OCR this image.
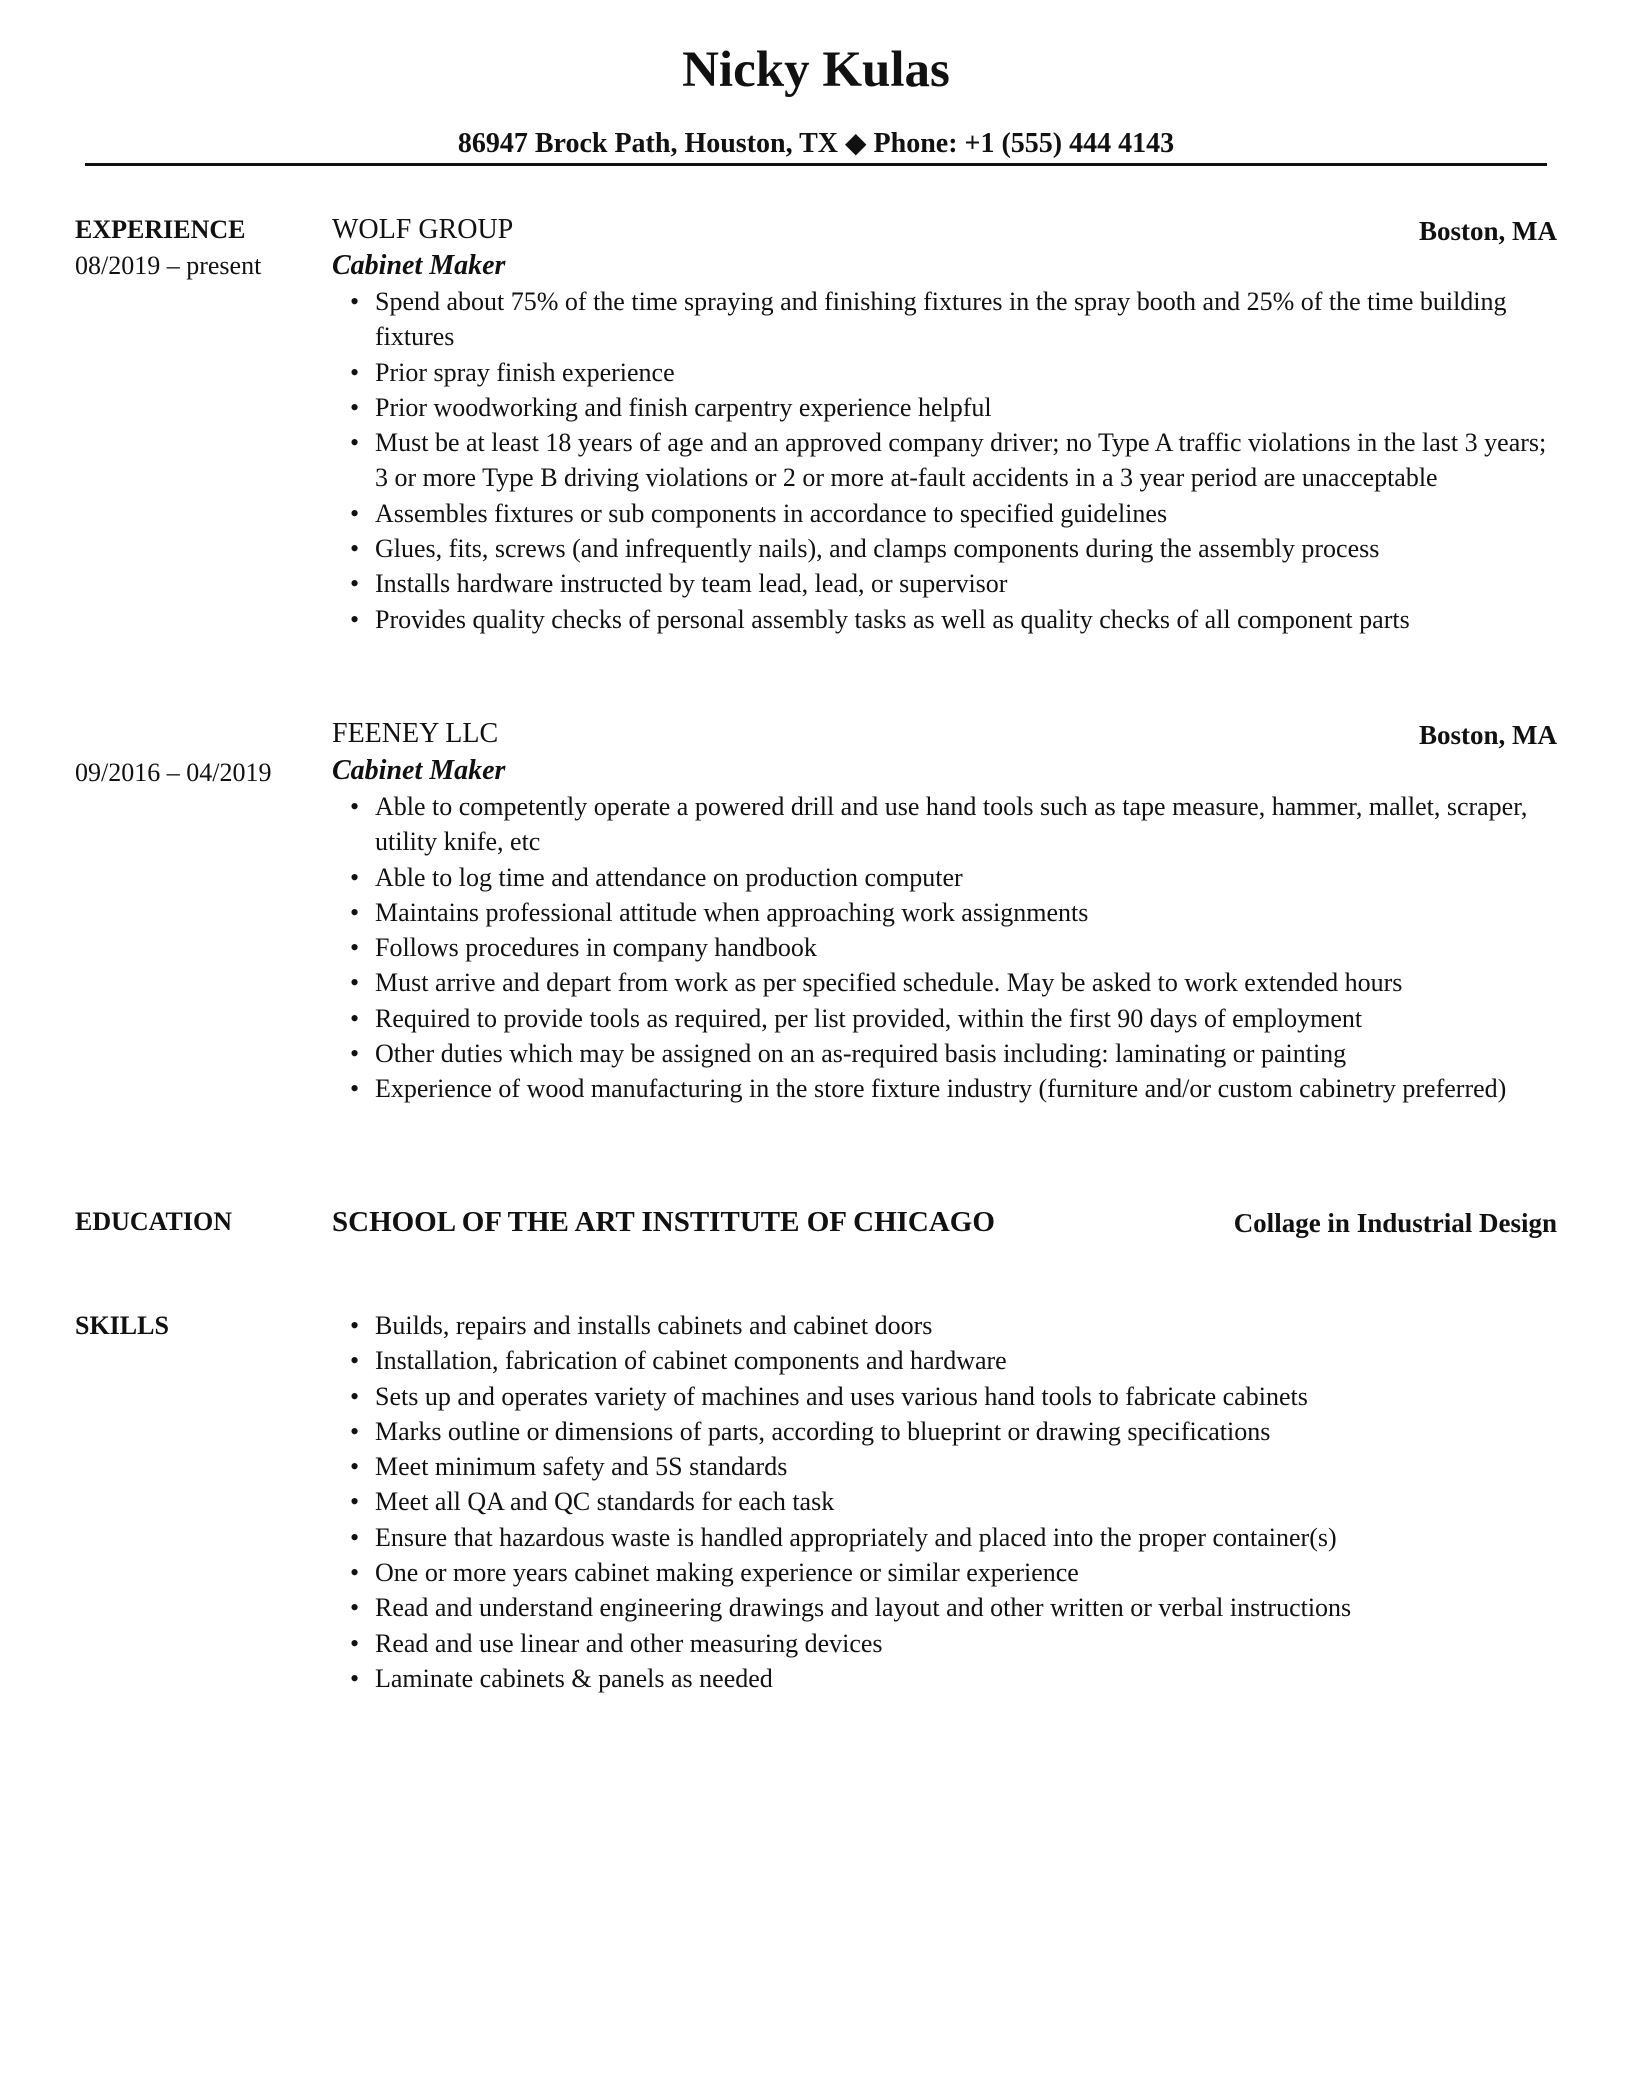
Nicky Kulas
86947 Brock Path, Houston, TX ◆ Phone: +1 (555) 444 4143
EXPERIENCE
08/2019 – present
WOLF GROUP	Boston, MA
Cabinet Maker
• Spend about 75% of the time spraying and finishing fixtures in the spray booth and 25% of the time building fixtures
• Prior spray finish experience
• Prior woodworking and finish carpentry experience helpful
• Must be at least 18 years of age and an approved company driver; no Type A traffic violations in the last 3 years; 3 or more Type B driving violations or 2 or more at-fault accidents in a 3 year period are unacceptable
• Assembles fixtures or sub components in accordance to specified guidelines
• Glues, fits, screws (and infrequently nails), and clamps components during the assembly process
• Installs hardware instructed by team lead, lead, or supervisor
• Provides quality checks of personal assembly tasks as well as quality checks of all component parts
09/2016 – 04/2019
FEENEY LLC	Boston, MA
Cabinet Maker
• Able to competently operate a powered drill and use hand tools such as tape measure, hammer, mallet, scraper, utility knife, etc
• Able to log time and attendance on production computer
• Maintains professional attitude when approaching work assignments
• Follows procedures in company handbook
• Must arrive and depart from work as per specified schedule. May be asked to work extended hours
• Required to provide tools as required, per list provided, within the first 90 days of employment
• Other duties which may be assigned on an as-required basis including: laminating or painting
• Experience of wood manufacturing in the store fixture industry (furniture and/or custom cabinetry preferred)
EDUCATION	SCHOOL OF THE ART INSTITUTE OF CHICAGO	Collage in Industrial Design
SKILLS
•	Builds, repairs and installs cabinets and cabinet doors
• Installation, fabrication of cabinet components and hardware
• Sets up and operates variety of machines and uses various hand tools to fabricate cabinets
• Marks outline or dimensions of parts, according to blueprint or drawing specifications
• Meet minimum safety and 5S standards
• Meet all QA and QC standards for each task
• Ensure that hazardous waste is handled appropriately and placed into the proper container(s)
• One or more years cabinet making experience or similar experience
• Read and understand engineering drawings and layout and other written or verbal instructions
• Read and use linear and other measuring devices
• Laminate cabinets & panels as needed
